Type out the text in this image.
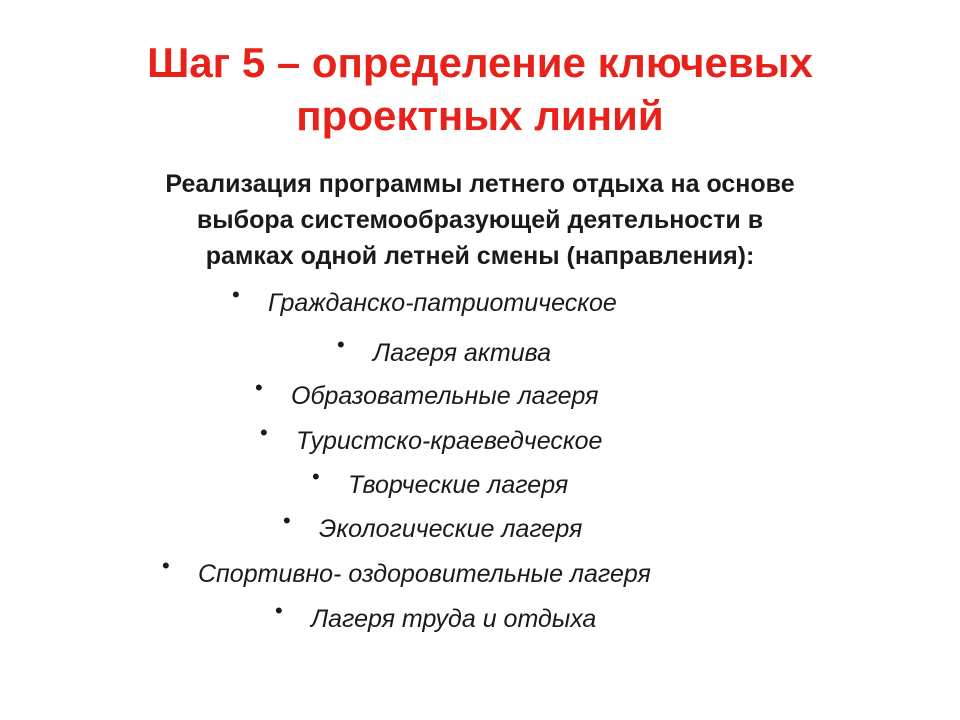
Шаг 5 – определение ключевых
проектных линий

Реализация программы летнего отдыха на основе
выбора системообразующей деятельности в
рамках одной летней смены (направления):

• Гражданско-патриотическое
• Лагеря актива
• Образовательные лагеря
• Туристско-краеведческое
• Творческие лагеря
• Экологические лагеря
• Спортивно- оздоровительные лагеря
• Лагеря труда и отдыха
